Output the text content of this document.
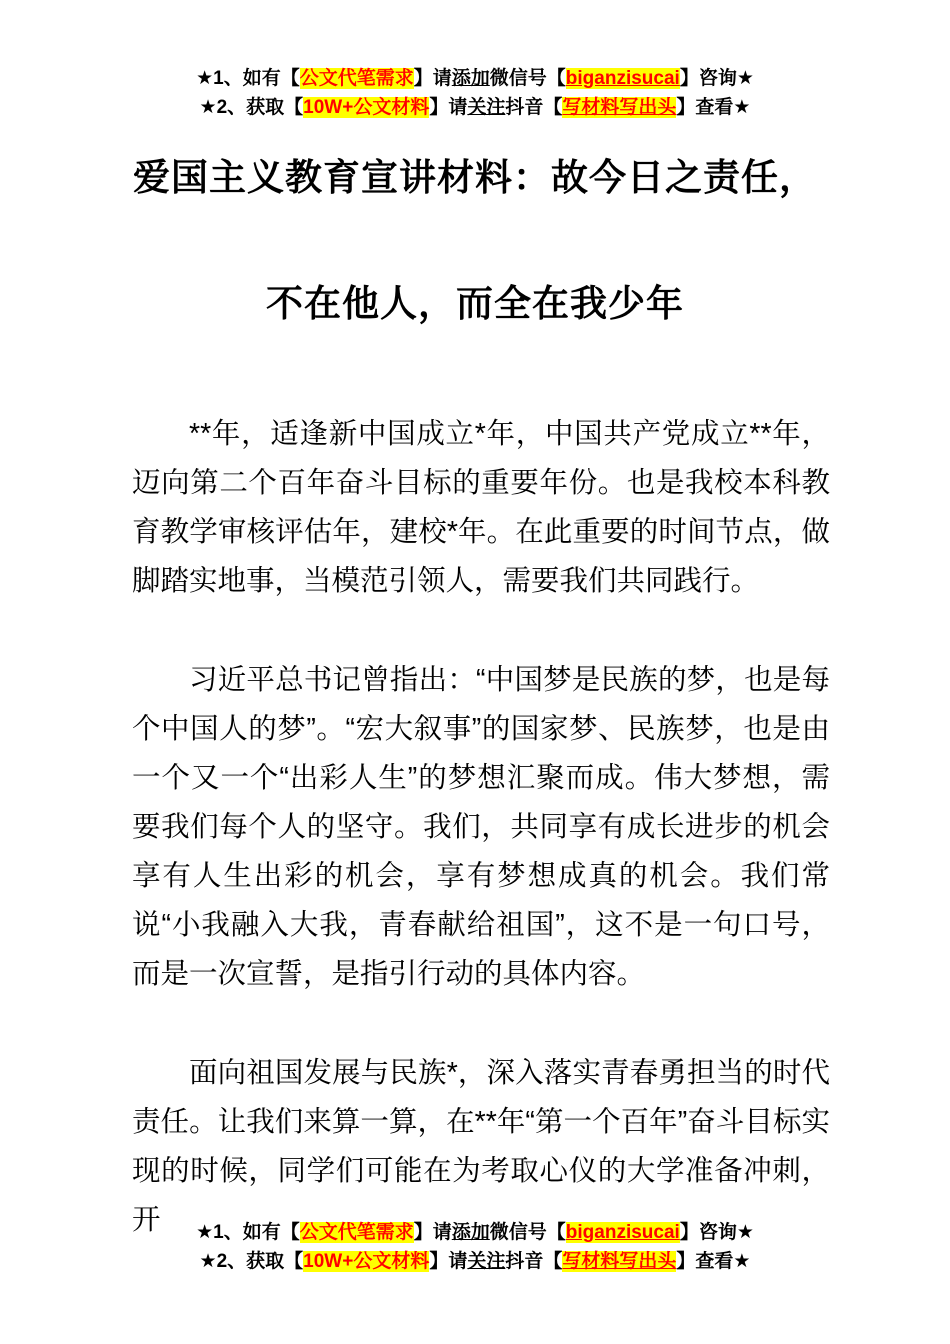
★1、如有【公文代笔需求】请添加微信号【biganzisucai】咨询★
★2、获取【10W+公文材料】请关注抖音【写材料写出头】查看★
爱国主义教育宣讲材料：故今日之责任，
不在他人，而全在我少年

**年，适逢新中国成立*年，中国共产党成立**年，迈向第二个百年奋斗目标的重要年份。也是我校本科教育教学审核评估年，建校*年。在此重要的时间节点，做脚踏实地事，当模范引领人，需要我们共同践行。

习近平总书记曾指出：“中国梦是民族的梦，也是每个中国人的梦”。“宏大叙事”的国家梦、民族梦，也是由一个又一个“出彩人生”的梦想汇聚而成。伟大梦想，需要我们每个人的坚守。我们，共同享有成长进步的机会享有人生出彩的机会，享有梦想成真的机会。我们常说“小我融入大我，青春献给祖国”，这不是一句口号，而是一次宣誓，是指引行动的具体内容。

面向祖国发展与民族*，深入落实青春勇担当的时代责任。让我们来算一算，在**年“第一个百年”奋斗目标实现的时候，同学们可能在为考取心仪的大学准备冲刺，开	★1、如有【公文代笔需求】请添加微信号【biganzisucai】咨询★
★2、获取【10W+公文材料】请关注抖音【写材料写出头】查看★
